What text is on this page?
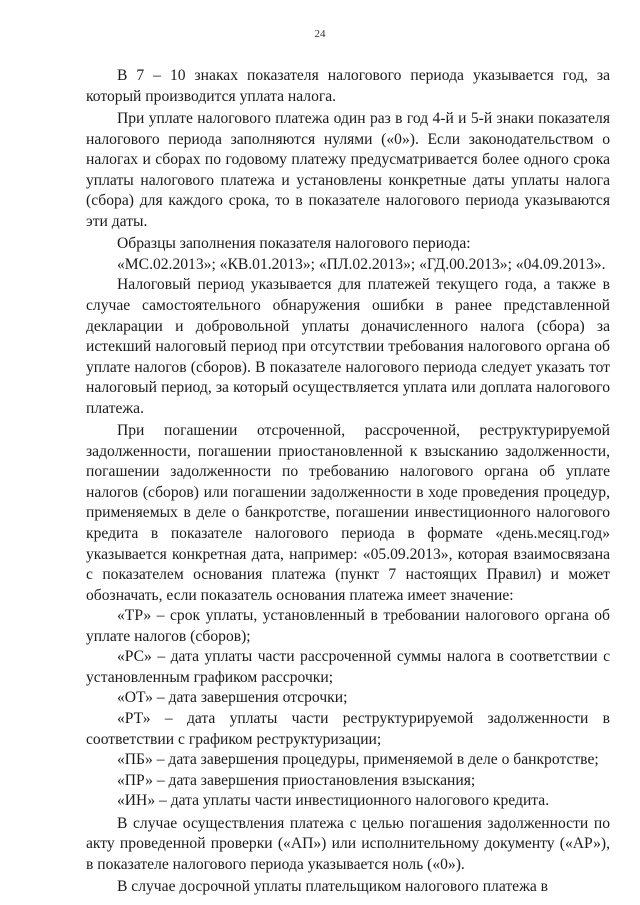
24

В 7 – 10 знаках показателя налогового периода указывается год, за который производится уплата налога.

При уплате налогового платежа один раз в год 4-й и 5-й знаки показателя налогового периода заполняются нулями («0»). Если законодательством о налогах и сборах по годовому платежу предусматривается более одного срока уплаты налогового платежа и установлены конкретные даты уплаты налога (сбора) для каждого срока, то в показателе налогового периода указываются эти даты.

Образцы заполнения показателя налогового периода:

«МС.02.2013»; «КВ.01.2013»; «ПЛ.02.2013»; «ГД.00.2013»; «04.09.2013».

Налоговый период указывается для платежей текущего года, а также в случае самостоятельного обнаружения ошибки в ранее представленной декларации и добровольной уплаты доначисленного налога (сбора) за истекший налоговый период при отсутствии требования налогового органа об уплате налогов (сборов). В показателе налогового периода следует указать тот налоговый период, за который осуществляется уплата или доплата налогового платежа.

При погашении отсроченной, рассроченной, реструктурируемой задолженности, погашении приостановленной к взысканию задолженности, погашении задолженности по требованию налогового органа об уплате налогов (сборов) или погашении задолженности в ходе проведения процедур, применяемых в деле о банкротстве, погашении инвестиционного налогового кредита в показателе налогового периода в формате «день.месяц.год» указывается конкретная дата, например: «05.09.2013», которая взаимосвязана с показателем основания платежа (пункт 7 настоящих Правил) и может обозначать, если показатель основания платежа имеет значение:

«ТР» – срок уплаты, установленный в требовании налогового органа об уплате налогов (сборов);

«РС» – дата уплаты части рассроченной суммы налога в соответствии с установленным графиком рассрочки;

«ОТ» – дата завершения отсрочки;

«РТ» – дата уплаты части реструктурируемой задолженности в соответствии с графиком реструктуризации;

«ПБ» – дата завершения процедуры, применяемой в деле о банкротстве;

«ПР» – дата завершения приостановления взыскания;

«ИН» – дата уплаты части инвестиционного налогового кредита.

В случае осуществления платежа с целью погашения задолженности по акту проведенной проверки («АП») или исполнительному документу («АР»), в показателе налогового периода указывается ноль («0»).

В случае досрочной уплаты плательщиком налогового платежа в
